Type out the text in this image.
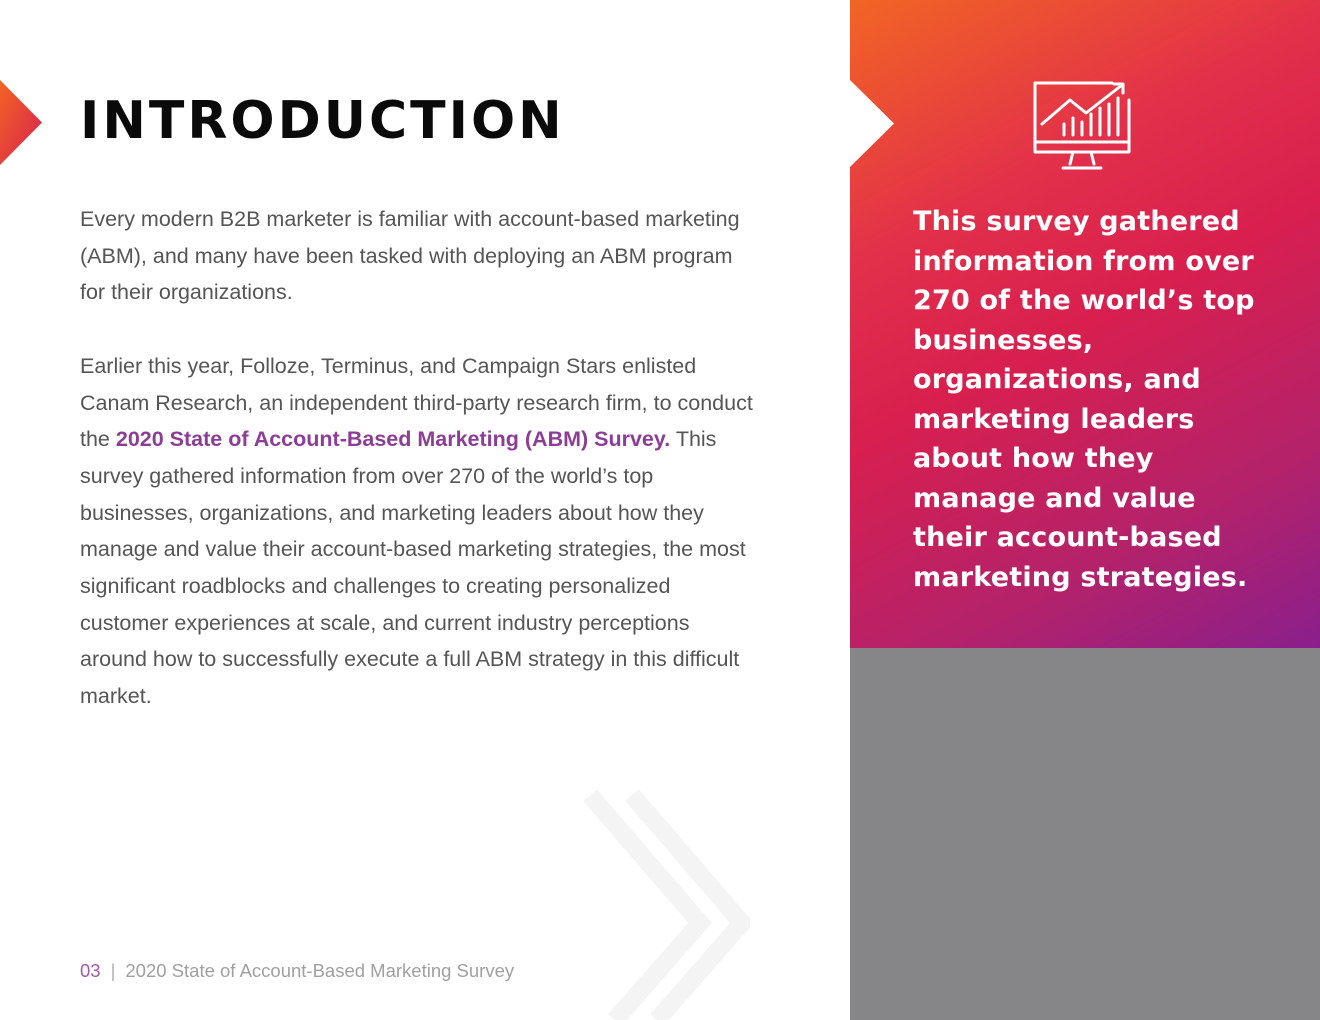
INTRODUCTION

Every modern B2B marketer is familiar with account-based marketing (ABM), and many have been tasked with deploying an ABM program for their organizations.

Earlier this year, Folloze, Terminus, and Campaign Stars enlisted Canam Research, an independent third-party research firm, to conduct the 2020 State of Account-Based Marketing (ABM) Survey. This survey gathered information from over 270 of the world’s top businesses, organizations, and marketing leaders about how they manage and value their account-based marketing strategies, the most significant roadblocks and challenges to creating personalized customer experiences at scale, and current industry perceptions around how to successfully execute a full ABM strategy in this difficult market.

03 | 2020 State of Account-Based Marketing Survey
This survey gathered information from over 270 of the world’s top businesses, organizations, and marketing leaders about how they manage and value their account-based marketing strategies.
